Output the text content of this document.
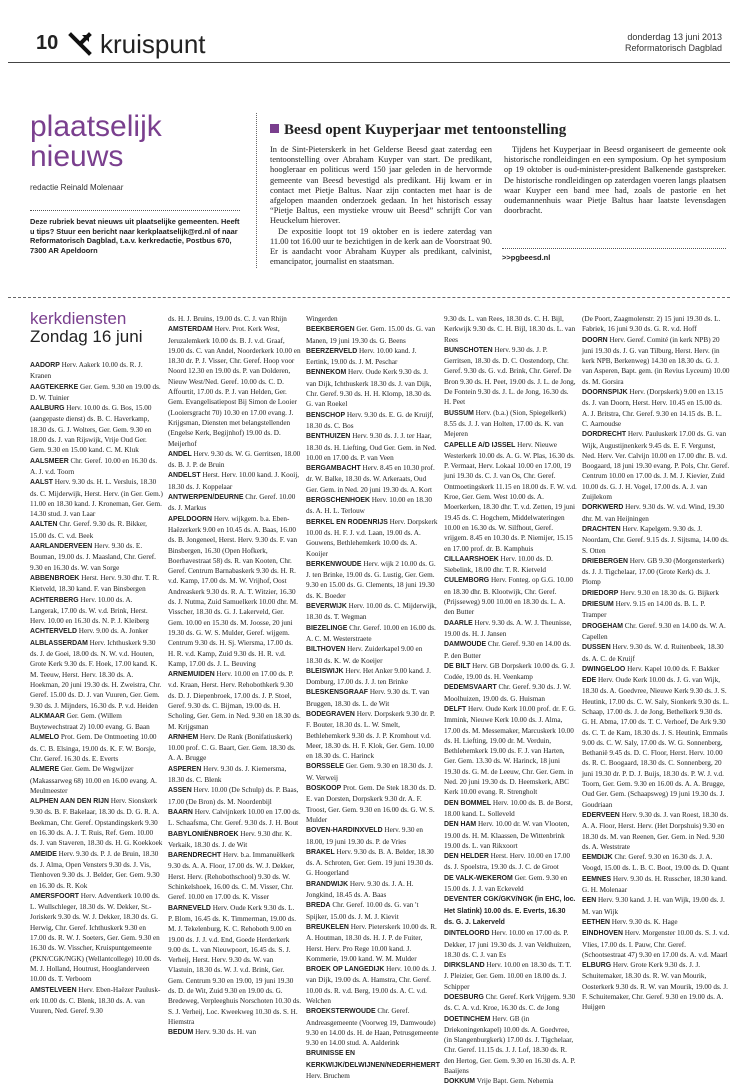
10 kruispunt	donderdag 13 juni 2013
Reformatorisch Dagblad
plaatselijk
nieuws
redactie Reinald Molenaar
Deze rubriek bevat nieuws uit plaatselijke gemeenten. Heeft u tips? Stuur een bericht naar kerkplaatselijk@rd.nl of naar Reformatorisch Dagblad, t.a.v. kerkredactie, Postbus 670, 7300 AR Apeldoorn
Beesd opent Kuyperjaar met tentoonstelling

In de Sint-Pieterskerk in het Gelderse Beesd gaat zaterdag een tentoonstelling over Abraham Kuyper van start. De predikant, hoogleraar en politicus werd 150 jaar geleden in de hervormde gemeente van Beesd bevestigd als predikant. Hij kwam er in contact met Pietje Baltus. Naar zijn contacten met haar is de afgelopen maanden onderzoek gedaan. In het historisch essay “Pietje Baltus, een mystieke vrouw uit Beesd” schrijft Cor van Heuckelum hierover.

De expositie loopt tot 19 oktober en is iedere zaterdag van 11.00 tot 16.00 uur te bezichtigen in de kerk aan de Voorstraat 90. Er is aandacht voor Abraham Kuyper als predikant, calvinist, emancipator, journalist en staatsman.

Tijdens het Kuyperjaar in Beesd organiseert de gemeente ook historische rondleidingen en een symposium. Op het symposium op 19 oktober is oud-minister-president Balkenende gastspreker. De historische rondleidingen op zaterdagen voeren langs plaatsen waar Kuyper een band mee had, zoals de pastorie en het oudemannenhuis waar Pietje Baltus haar laatste levensdagen doorbracht.

>>pgbeesd.nl
kerkdiensten
Zondag 16 juni

AADORP Herv. Aakerk 10.00 ds. R. J. Kranen

AAGTEKERKE Ger. Gem. 9.30 en 19.00 ds. D. W. Tuinier

AALBURG Herv. 10.00 ds. G. Bos, 15.00 (aangepaste dienst) ds. B. C. Haverkamp, 18.30 ds. G. J. Wolters, Ger. Gem. 9.30 en 18.00 ds. J. van Rijswijk, Vrije Oud Ger. Gem. 9.30 en 15.00 kand. C. M. Kluk

AALSMEER Chr. Geref. 10.00 en 16.30 ds. A. J. v.d. Toorn

AALST Herv. 9.30 ds. H. L. Versluis, 18.30 ds. C. Mijderwijk, Herst. Herv. (in Ger. Gem.) 11.00 en 18.30 kand. J. Kroneman, Ger. Gem. 14.30 stud. J. van Laar

AALTEN Chr. Geref. 9.30 ds. R. Bikker, 15.00 ds. C. v.d. Beek

AARLANDERVEEN Herv. 9.30 ds. E. Bouman, 19.00 ds. J. Maasland, Chr. Geref. 9.30 en 16.30 ds. W. van Sorge

ABBENBROEK Herst. Herv. 9.30 dhr. T. R. Kietveld, 18.30 kand. F. van Binsbergen

ACHTERBERG Herv. 10.00 ds. A. Langerak, 17.00 ds. W. v.d. Brink, Herst. Herv. 10.00 en 16.30 ds. N. P. J. Kleiberg

ACHTERVELD Herv. 9.00 ds. A. Jonker

ALBLASSERDAM Herv. Ichthuskerk 9.30 ds. J. de Goei, 18.00 ds. N. W. v.d. Houten, Grote Kerk 9.30 ds. F. Hoek, 17.00 kand. K. M. Teeuw, Herst. Herv. 18.30 ds. A. Hoekman, 20 juni 19.30 ds. H. Zweistra, Chr. Geref. 15.00 ds. D. J. van Vuuren, Ger. Gem. 9.30 ds. J. Mijnders, 16.30 ds. P. v.d. Heiden

ALKMAAR Ger. Gem. (Willem Buytewechstraat 2) 10.00 evang. G. Baan

ALMELO Prot. Gem. De Ontmoeting 10.00 ds. C. B. Elsinga, 19.00 ds. K. F. W. Borsje, Chr. Geref. 16.30 ds. E. Everts

ALMERE Ger. Gem. De Wegwijzer (Makassarweg 68) 10.00 en 16.00 evang. A. Meulmeester

ALPHEN AAN DEN RIJN Herv. Sionskerk 9.30 ds. B. F. Bakelaar, 18.30 ds. D. G. R. A. Beekman, Chr. Geref. Opstandingskerk 9.30 en 16.30 ds. A. J. T. Ruis, Ref. Gem. 10.00 ds. J. van Staveren, 18.30 ds. H. G. Koekkoek

AMEIDE Herv. 9.30 ds. P. J. de Bruin, 18.30 ds. J. Alma, Open Vensters 9.30 ds. J. Vis, Tienhoven 9.30 ds. J. Belder, Ger. Gem. 9.30 en 16.30 ds. R. Kok

AMERSFOORT Herv. Adventkerk 10.00 ds. L. Wullschleger, 18.30 ds. W. Dekker, St.-Joriskerk 9.30 ds. W. J. Dekker, 18.30 ds. G. Herwig, Chr. Geref. Ichthuskerk 9.30 en 17.00 ds. R. W. J. Soeters, Ger. Gem. 9.30 en 16.30 ds. W. Visscher, Kruispuntgemeente (PKN/CGK/NGK) (Wellantcollege) 10.00 ds. M. J. Holland, Houtrust, Hooglanderveen 10.00 ds. T. Verboom

AMSTELVEEN Herv. Eben-Haëzer Pauluskerk 10.00 ds. C. Blenk, 18.30 ds. A. van Vuuren, Ned. Geref. 9.30

ds. H. J. Bruins, 19.00 ds. C. J. van Rhijn

AMSTERDAM Herv. Prot. Kerk West, Jeruzalemkerk 10.00 ds. B. J. v.d. Graaf, 19.00 ds. C. van Andel, Noorderkerk 10.00 en 18.30 dr. P. J. Visser, Chr. Geref. Hoop voor Noord 12.30 en 19.00 ds. P. van Dolderen, Nieuw West/Ned. Geref. 10.00 ds. C. D. Affourtit, 17.00 ds. P. J. van Helden, Ger. Gem. Evangelisatiepost Bij Simon de Looier (Looiersgracht 70) 10.30 en 17.00 evang. J. Krijgsman, Diensten met belangstellenden (Engelse Kerk, Begijnhof) 19.00 ds. D. Meijerhof

ANDEL Herv. 9.30 ds. W. G. Gerritsen, 18.00 ds. B. J. P. de Bruin

ANDELST Herst. Herv. 10.00 kand. J. Kooij, 18.30 ds. J. Koppelaar

ANTWERPEN/DEURNE Chr. Geref. 10.00 ds. J. Markus

APELDOORN Herv. wijkgem. b.a. Eben-Haëzerkerk 9.00 en 10.45 ds. A. Baas, 16.00 ds. B. Jongeneel, Herst. Herv. 9.30 ds. F. van Binsbergen, 16.30 (Open Hofkerk, Boerhavestraat 58) ds. R. van Kooten, Chr. Geref. Centrum Barnabaskerk 9.30 ds. H. R. v.d. Kamp, 17.00 ds. M. W. Vrijhof, Oost Andreaskerk 9.30 ds. R. A. T. Witzier, 16.30 ds. J. Nutma, Zuid Samuelkerk 10.00 dhr. M. Visscher, 18.30 ds. G. J. Lakerveld, Ger. Gem. 10.00 en 15.30 ds. M. Joosse, 20 juni 19.30 ds. G. W. S. Mulder, Geref. wijgem. Centrum 9.30 ds. H. Sj. Wiersma, 17.00 ds. H. R. v.d. Kamp, Zuid 9.30 ds. H. R. v.d. Kamp, 17.00 ds. J. L. Beuving

ARNEMUIDEN Herv. 10.00 en 17.00 ds. P. v.d. Kraan, Herst. Herv. Rehobothkerk 9.30 ds. D. J. Diepenbroek, 17.00 ds. J. P. Stoel, Geref. 9.30 ds. C. Bijman, 19.00 ds. H. Scholing, Ger. Gem. in Ned. 9.30 en 18.30 ds. M. Krijgsman

ARNHEM Herv. De Rank (Bonifatiuskerk) 10.00 prof. C. G. Baart, Ger. Gem. 18.30 ds. A. A. Brugge

ASPEREN Herv. 9.30 ds. J. Kiemersma, 18.30 ds. C. Blenk

ASSEN Herv. 10.00 (De Schulp) ds. P. Baas, 17.00 (De Bron) ds. M. Noordenbijl

BAARN Herv. Calvijnkerk 10.00 en 17.00 ds. L. Schaafsma, Chr. Geref. 9.30 ds. J. H. Bout

BABYLONIËNBROEK Herv. 9.30 dhr. K. Verkaik, 18.30 ds. J. de Wit

BARENDRECHT Herv. b.a. Immanuëlkerk 9.30 ds. A. A. Floor, 17.00 ds. W. J. Dekker, Herst. Herv. (Rehobothschool) 9.30 ds. W. Schinkelshoek, 16.00 ds. C. M. Visser, Chr. Geref. 10.00 en 17.00 ds. K. Visser

BARNEVELD Herv. Oude Kerk 9.30 ds. L. P. Blom, 16.45 ds. K. Timmerman, 19.00 ds. M. J. Tekelenburg, K. C. Rehoboth 9.00 en 19.00 ds. J. J. v.d. End, Goede Herderkerk 9.00 ds. L. van Nieuwpoort, 16.45 ds. S. J. Verheij, Herst. Herv. 9.30 ds. W. van Vlastuin, 18.30 ds. W. J. v.d. Brink, Ger. Gem. Centrum 9.30 en 19.00, 19 juni 19.30 ds. D. de Wit, Zuid 9.30 en 19.00 ds. G. Bredeweg, Verpleeghuis Norschoten 10.30 ds. S. J. Verheij, Loc. Kweekweg 10.30 ds. S. H. Hiemstra

BEDUM Herv. 9.30 ds. H. van

Wingerden

BEEKBERGEN Ger. Gem. 15.00 ds. G. van Manen, 19 juni 19.30 ds. G. Beens

BEERZERVELD Herv. 10.00 kand. J. Eertink, 19.00 ds. J. M. Peschar

BENNEKOM Herv. Oude Kerk 9.30 ds. J. van Dijk, Ichthuskerk 18.30 ds. J. van Dijk, Chr. Geref. 9.30 ds. H. H. Klomp, 18.30 ds. G. van Roekel

BENSCHOP Herv. 9.30 ds. E. G. de Kruijf, 18.30 ds. C. Bos

BENTHUIZEN Herv. 9.30 ds. J. J. ter Haar, 18.30 ds. H. Liefting, Oud Ger. Gem. in Ned. 10.00 en 17.00 ds. P. van Veen

BERGAMBACHT Herv. 8.45 en 10.30 prof. dr. W. Balke, 18.30 ds. W. Arkeraats, Oud Ger. Gem. in Ned. 20 juni 19.30 ds. A. Kort

BERGSCHENHOEK Herv. 10.00 en 18.30 ds. A. H. L. Terlouw

BERKEL EN RODENRIJS Herv. Dorpskerk 10.00 ds. H. F. J. v.d. Laan, 19.00 ds. A. Gouwens, Bethlehemkerk 10.00 ds. A. Kooijer

BERKENWOUDE Herv. wijk 2 10.00 ds. G. J. ten Brinke, 19.00 ds. G. Lustig, Ger. Gem. 9.30 en 15.00 ds. G. Clements, 18 juni 19.30 ds. K. Boeder

BEVERWIJK Herv. 10.00 ds. C. Mijderwijk, 18.30 ds. T. Wegman

BIEZELINGE Chr. Geref. 10.00 en 16.00 ds. A. C. M. Westerstraete

BILTHOVEN Herv. Zuiderkapel 9.00 en 18.30 ds. K. W. de Koeijer

BLEISWIJK Herv. Het Anker 9.00 kand. J. Domburg, 17.00 ds. J. J. ten Brinke

BLESKENSGRAAF Herv. 9.30 ds. T. van Bruggen, 18.30 ds. L. de Wit

BODEGRAVEN Herv. Dorpskerk 9.30 dr. P. F. Bouter, 18.30 ds. L. W. Smelt, Bethlehemkerk 9.30 ds. J. P. Kromhout v.d. Meer, 18.30 ds. H. F. Klok, Ger. Gem. 10.00 en 18.30 ds. C. Harinck

BORSSELE Ger. Gem. 9.30 en 18.30 ds. J. W. Verweij

BOSKOOP Prot. Gem. De Stek 18.30 ds. D. E. van Dorsten, Dorpskerk 9.30 dr. A. F. Troost, Ger. Gem. 9.30 en 16.00 ds. G. W. S. Mulder

BOVEN-HARDINXVELD Herv. 9.30 en 18.00, 19 juni 19.30 ds. P. de Vries

BRAKEL Herv. 9.30 ds. B. A. Belder, 18.30 ds. A. Schroten, Ger. Gem. 19 juni 19.30 ds. G. Hoogerland

BRANDWIJK Herv. 9.30 ds. J. A. H. Jongkind, 18.45 ds. A. Baas

BREDA Chr. Geref. 10.00 ds. G. van 't Spijker, 15.00 ds. J. M. J. Kievit

BREUKELEN Herv. Pieterskerk 10.00 ds. R. A. Houtman, 18.30 ds. H. J. P. de Fuiter, Herst. Herv. Pro Rege 10.00 kand. J. Kommerie, 19.00 kand. W. M. Mulder

BROEK OP LANGEDIJK Herv. 10.00 ds. J. van Dijk, 19.00 ds. A. Hamstra, Chr. Geref. 10.00 ds. R. v.d. Berg, 19.00 ds. A. C. v.d. Welchen

BROEKSTERWOUDE Chr. Geref. Andreasgemeente (Voorweg 19, Damwoude) 9.30 en 14.00 ds. H. de Haan, Petrusgemeente 9.30 en 14.00 stud. A. Aalderink

BRUINISSE EN KERKWIJK/DELWIJNEN/NEDERHEMERT Herv. Bruchem

9.30 ds. L. van Rees, 18.30 ds. C. H. Bijl, Kerkwijk 9.30 ds. C. H. Bijl, 18.30 ds. L. van Rees

BUNSCHOTEN Herv. 9.30 ds. J. P. Gerritsen, 18.30 ds. D. C. Oostendorp, Chr. Geref. 9.30 ds. G. v.d. Brink, Chr. Geref. De Bron 9.30 ds. H. Peet, 19.00 ds. J. L. de Jong, De Fontein 9.30 ds. J. L. de Jong, 16.30 ds. H. Peet

BUSSUM Herv. (b.a.) (Sion, Spiegelkerk) 8.55 ds. J. J. van Holten, 17.00 ds. K. van Mejeren

CAPELLE A/D IJSSEL Herv. Nieuwe Westerkerk 10.00 ds. A. G. W. Plas, 16.30 ds. P. Vermaat, Herv. Lokaal 10.00 en 17.00, 19 juni 19.30 ds. C. J. van Os, Chr. Geref. Ontmoetingskerk 11.15 en 18.00 ds. F. W. v.d. Kroe, Ger. Gem. West 10.00 ds. A. Moerkerken, 18.30 dhr. T. v.d. Zetten, 19 juni 19.45 ds. C. Hogchem, Middelwateringen 10.00 en 16.30 ds. W. Silfhout, Geref. vrijgem. 8.45 en 10.30 ds. P. Niemijer, 15.15 en 17.00 prof. dr. B. Kamphuis

CILLAARSHOEK Herv. 10.00 ds. D. Siebelink, 18.00 dhr. T. R. Kietveld

CULEMBORG Herv. Fonteg. op G.G. 10.00 en 18.30 dhr. B. Klootwijk, Chr. Geref. (Prijsseweg) 9.00 10.00 en 18.30 ds. L. A. den Butter

DAARLE Herv. 9.30 ds. A. W. J. Theunisse, 19.00 ds. H. J. Jansen

DAMWOUDE Chr. Geref. 9.30 en 14.00 ds. P. den Butter

DE BILT Herv. GB Dorpskerk 10.00 ds. G. J. Codée, 19.00 ds. H. Veenkamp

DEDEMSVAART Chr. Geref. 9.30 ds. J. W. Moolhuizen, 19.00 ds. G. Huisman

DELFT Herv. Oude Kerk 10.00 prof. dr. F. G. Immink, Nieuwe Kerk 10.00 ds. J. Alma, 17.00 ds. M. Messemaker, Marcuskerk 10.00 ds. H. Liefting, 19.00 dr. M. Verduin, Bethlehemkerk 19.00 ds. F. J. van Harten, Ger. Gem. 13.30 ds. W. Harinck, 18 juni 19.30 ds. G. M. de Leeuw, Chr. Ger. Gem. in Ned. 20 juni 19.30 ds. D. Heemskerk, ABC Kerk 10.00 evang. R. Strengholt

DEN BOMMEL Herv. 10.00 ds. B. de Borst, 18.00 kand. L. Solleveld

DEN HAM Herv. 10.00 dr. W. van Vlooten, 19.00 ds. H. M. Klaassen, De Wittenbrink 19.00 ds. L. van Rikxoort

DEN HELDER Herst. Herv. 10.00 en 17.00 ds. J. Spoelstra, 19.30 ds. J. C. de Groot

DE VALK-WEKEROM Ger. Gem. 9.30 en 15.00 ds. J. J. van Eckeveld

DEVENTER CGK/GKV/NGK (in EHC, loc. Het Slatink) 10.00 ds. E. Everts, 16.30 ds. G. J. Lakerveld

DINTELOORD Herv. 10.00 en 17.00 ds. P. Dekker, 17 juni 19.30 ds. J. van Veldhuizen, 18.30 ds. C. J. van Es

DIRKSLAND Herv. 10.00 en 18.30 ds. T. T. J. Pleizier, Ger. Gem. 10.00 en 18.00 ds. J. Schipper

DOESBURG Chr. Geref. Kerk Vrijgem. 9.30 ds. C. A. v.d. Kroe, 16.30 ds. C. de Jong

DOETINCHEM Herv. GB (in Driekoningenkapel) 10.00 ds. A. Goedvree, (in Slangenburgkerk) 17.00 ds. J. Tigchelaar, Chr. Geref. 11.15 ds. J. J. Lof, 18.30 ds. R. den Hertog, Ger. Gem. 9.30 en 16.30 ds. A. P. Baaijens

DOKKUM Vrije Bapt. Gem. Nehemia

(De Poort, Zaagmolenstr. 2) 15 juni 19.30 ds. L. Fabriek, 16 juni 9.30 ds. G. R. v.d. Hoff

DOORN Herv. Geref. Comité (in kerk NPB) 20 juni 19.30 ds. J. G. van Tilburg, Herst. Herv. (in kerk NPB, Berkenweg) 14.30 en 18.30 ds. G. J. van Asperen, Bapt. gem. (in Revius Lyceum) 10.00 ds. M. Gorsira

DOORNSPIJK Herv. (Dorpskerk) 9.00 en 13.15 ds. J. van Doorn, Herst. Herv. 10.45 en 15.00 ds. A. J. Britstra, Chr. Geref. 9.30 en 14.15 ds. B. L. C. Aarnoudse

DORDRECHT Herv. Pauluskerk 17.00 ds. G. van Wijk, Augustijnenkerk 9.45 ds. E. F. Vergunst, Ned. Herv. Ver. Calvijn 10.00 en 17.00 dhr. B. v.d. Boogaard, 18 juni 19.30 evang. P. Pols, Chr. Geref. Centrum 10.00 en 17.00 ds. J. M. J. Kievier, Zuid 10.00 ds. G. J. H. Vogel, 17.00 ds. A. J. van Zuijlekom

DORKWERD Herv. 9.30 ds. W. v.d. Wind, 19.30 dhr. M. van Heijningen

DRACHTEN Herv. Kapelgem. 9.30 ds. J. Noordam, Chr. Geref. 9.15 ds. J. Sijtsma, 14.00 ds. S. Otten

DRIEBERGEN Herv. GB 9.30 (Morgensterkerk) ds. J. J. Tigchelaar, 17.00 (Grote Kerk) ds. J. Plomp

DRIEDORP Herv. 9.30 en 18.30 ds. G. Bijkerk

DRIESUM Herv. 9.15 en 14.00 ds. B. L. P. Tramper

DROGEHAM Chr. Geref. 9.30 en 14.00 ds. W. A. Capellen

DUSSEN Herv. 9.30 ds. W. d. Ruitenbeek, 18.30 ds. A. C. de Kruijf

DWINGELOO Herv. Kapel 10.00 ds. F. Bakker

EDE Herv. Oude Kerk 10.00 ds. J. G. van Wijk, 18.30 ds. A. Goedvree, Nieuwe Kerk 9.30 ds. J. S. Heutink, 17.00 ds. C. W. Saly, Sionkerk 9.30 ds. L. Schaap, 17.00 ds. J. de Jong, Bethelkerk 9.30 ds. G. H. Abma, 17.00 ds. T. C. Verhoef, De Ark 9.30 ds. C. T. de Kam, 18.30 ds. J. S. Heutink, Emmaüs 9.00 ds. C. W. Saly, 17.00 ds. W. G. Sonnenberg, Bethanië 9.45 ds. D. C. Floor, Herst. Herv. 10.00 ds. R. C. Boogaard, 18.30 ds. C. Sonnenberg, 20 juni 19.30 dr. P. D. J. Buijs, 18.30 ds. P. W. J. v.d. Toorn, Ger. Gem. 9.30 en 16.00 ds. A. A. Brugge, Oud Ger. Gem. (Schaapsweg) 19 juni 19.30 ds. J. Goudriaan

EDERVEEN Herv. 9.30 ds. J. van Roest, 18.30 ds. A. A. Floor, Herst. Herv. (Het Dorpshuis) 9.30 en 18.30 ds. M. van Reenen, Ger. Gem. in Ned. 9.30 ds. A. Weststrate

EEMDIJK Chr. Geref. 9.30 en 16.30 ds. J. A. Voogd, 15.00 ds. L. B. C. Boot, 19.00 ds. D. Quant

EEMNES Herv. 9.30 ds. H. Russcher, 18.30 kand. G. H. Molenaar

EEN Herv. 9.30 kand. J. H. van Wijk, 19.00 ds. J. M. van Wijk

EETHEN Herv. 9.30 ds. K. Hage

EINDHOVEN Herv. Morgenster 10.00 ds. S. J. v.d. Vlies, 17.00 ds. I. Pauw, Chr. Geref. (Schootsestraat 47) 9.30 en 17.00 ds. A. v.d. Maarl

ELBURG Herv. Grote Kerk 9.30 ds. J. J. Schuitemaker, 18.30 ds. R. W. van Mourik, Oosterkerk 9.30 ds. R. W. van Mourik, 19.00 ds. J. F. Schuitemaker, Chr. Geref. 9.30 en 19.00 ds. A. Huijgen
